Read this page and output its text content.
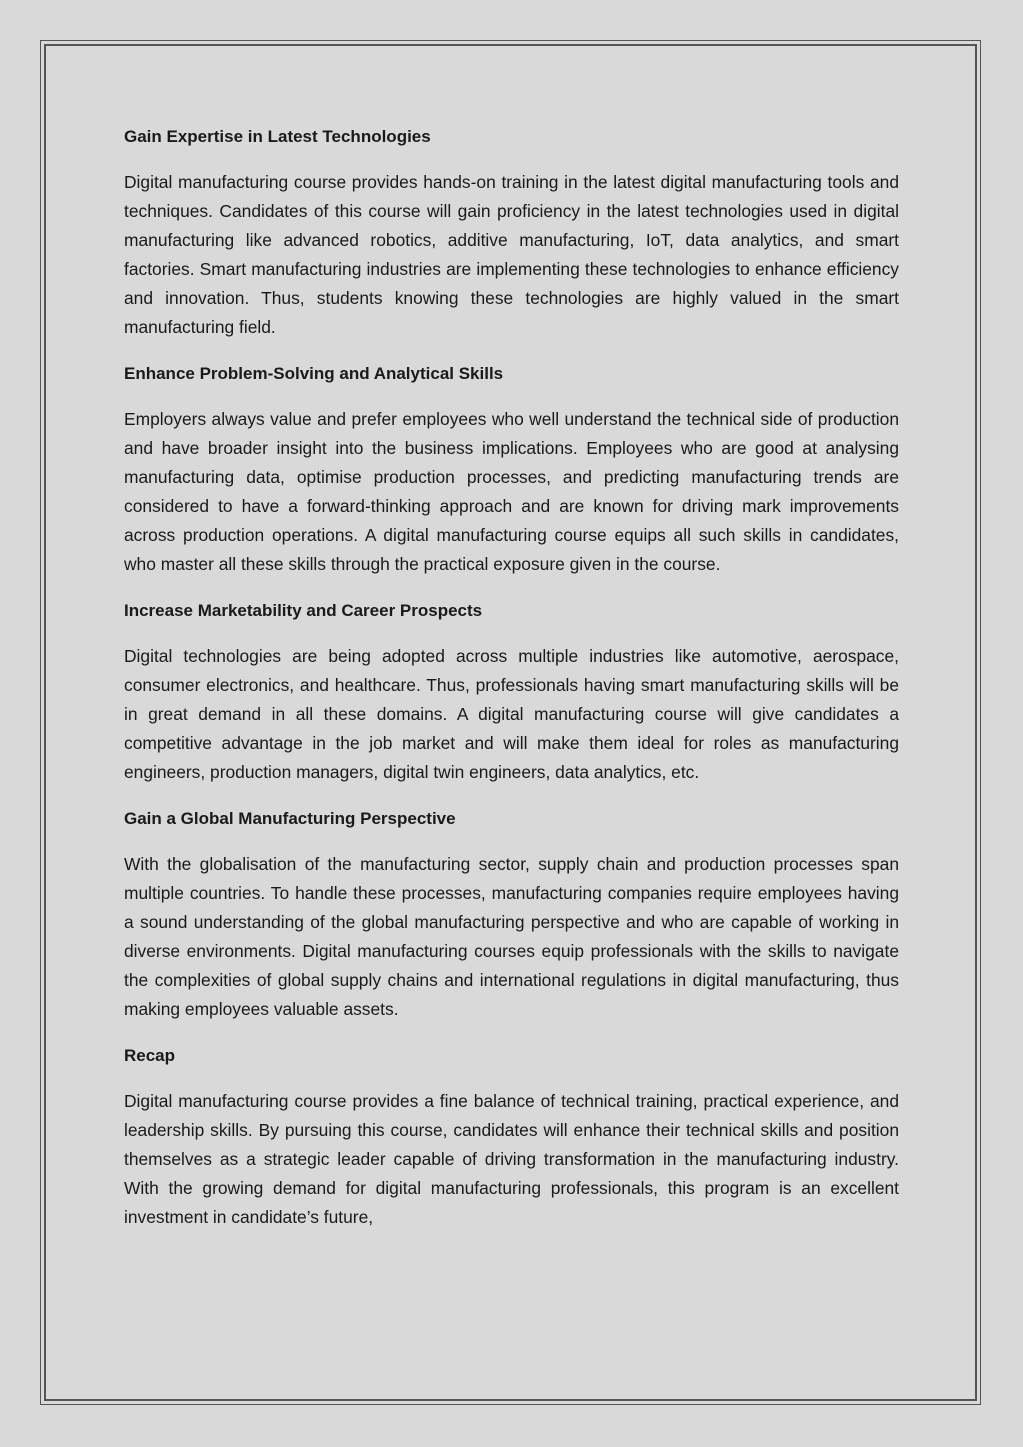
Gain Expertise in Latest Technologies

Digital manufacturing course provides hands-on training in the latest digital manufacturing tools and techniques. Candidates of this course will gain proficiency in the latest technologies used in digital manufacturing like advanced robotics, additive manufacturing, IoT, data analytics, and smart factories. Smart manufacturing industries are implementing these technologies to enhance efficiency and innovation. Thus, students knowing these technologies are highly valued in the smart manufacturing field.

Enhance Problem-Solving and Analytical Skills

Employers always value and prefer employees who well understand the technical side of production and have broader insight into the business implications. Employees who are good at analysing manufacturing data, optimise production processes, and predicting manufacturing trends are considered to have a forward-thinking approach and are known for driving mark improvements across production operations. A digital manufacturing course equips all such skills in candidates, who master all these skills through the practical exposure given in the course.

Increase Marketability and Career Prospects

Digital technologies are being adopted across multiple industries like automotive, aerospace, consumer electronics, and healthcare. Thus, professionals having smart manufacturing skills will be in great demand in all these domains. A digital manufacturing course will give candidates a competitive advantage in the job market and will make them ideal for roles as manufacturing engineers, production managers, digital twin engineers, data analytics, etc.

Gain a Global Manufacturing Perspective

With the globalisation of the manufacturing sector, supply chain and production processes span multiple countries. To handle these processes, manufacturing companies require employees having a sound understanding of the global manufacturing perspective and who are capable of working in diverse environments. Digital manufacturing courses equip professionals with the skills to navigate the complexities of global supply chains and international regulations in digital manufacturing, thus making employees valuable assets.

Recap

Digital manufacturing course provides a fine balance of technical training, practical experience, and leadership skills. By pursuing this course, candidates will enhance their technical skills and position themselves as a strategic leader capable of driving transformation in the manufacturing industry. With the growing demand for digital manufacturing professionals, this program is an excellent investment in candidate’s future,
